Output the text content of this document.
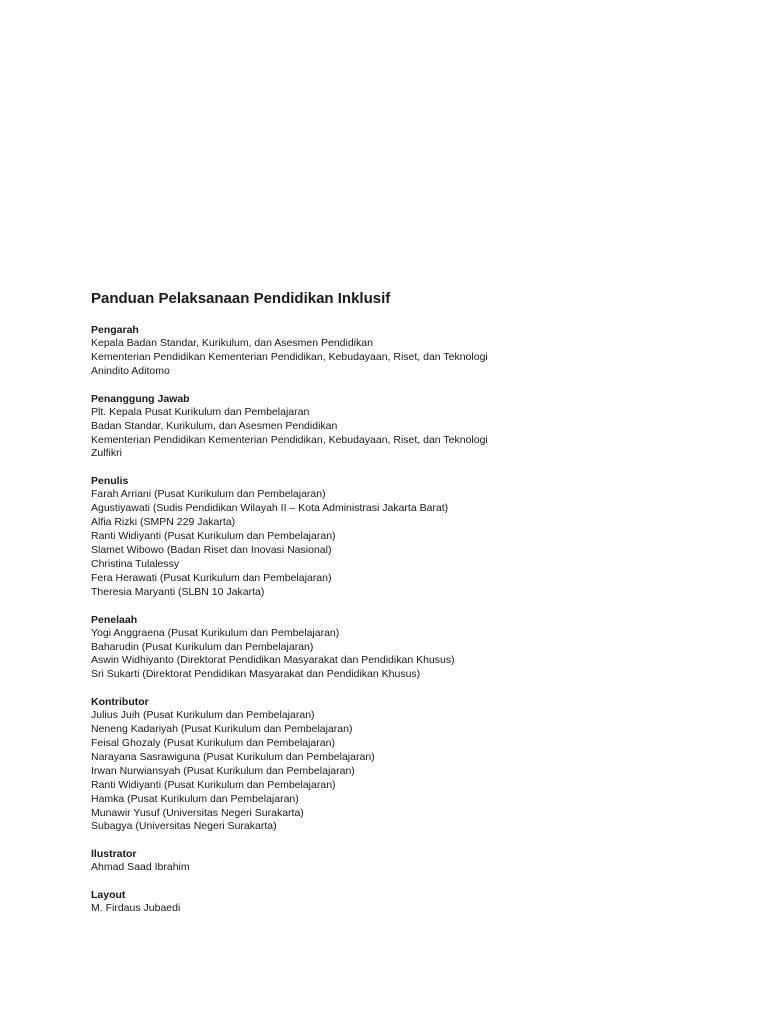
Panduan Pelaksanaan Pendidikan Inklusif
Pengarah
Kepala Badan Standar, Kurikulum, dan Asesmen Pendidikan
Kementerian Pendidikan Kementerian Pendidikan, Kebudayaan, Riset, dan Teknologi
Anindito Aditomo
Penanggung Jawab
Plt. Kepala Pusat Kurikulum dan Pembelajaran
Badan Standar, Kurikulum, dan Asesmen Pendidikan
Kementerian Pendidikan Kementerian Pendidikan, Kebudayaan, Riset, dan Teknologi
Zulfikri
Penulis
Farah Arriani (Pusat Kurikulum dan Pembelajaran)
Agustiyawati (Sudis Pendidikan Wilayah II – Kota Administrasi Jakarta Barat)
Alfia Rizki (SMPN 229 Jakarta)
Ranti Widiyanti (Pusat Kurikulum dan Pembelajaran)
Slamet Wibowo (Badan Riset dan Inovasi Nasional)
Christina Tulalessy
Fera Herawati (Pusat Kurikulum dan Pembelajaran)
Theresia Maryanti (SLBN 10 Jakarta)
Penelaah
Yogi Anggraena (Pusat Kurikulum dan Pembelajaran)
Baharudin (Pusat Kurikulum dan Pembelajaran)
Aswin Widhiyanto (Direktorat Pendidikan Masyarakat dan Pendidikan Khusus)
Sri Sukarti (Direktorat Pendidikan Masyarakat dan Pendidikan Khusus)
Kontributor
Julius Juih (Pusat Kurikulum dan Pembelajaran)
Neneng Kadariyah (Pusat Kurikulum dan Pembelajaran)
Feisal Ghozaly (Pusat Kurikulum dan Pembelajaran)
Narayana Sasrawiguna (Pusat Kurikulum dan Pembelajaran)
Irwan Nurwiansyah (Pusat Kurikulum dan Pembelajaran)
Ranti Widiyanti (Pusat Kurikulum dan Pembelajaran)
Hamka (Pusat Kurikulum dan Pembelajaran)
Munawir Yusuf (Universitas Negeri Surakarta)
Subagya (Universitas Negeri Surakarta)
Ilustrator
Ahmad Saad Ibrahim
Layout
M. Firdaus Jubaedi
